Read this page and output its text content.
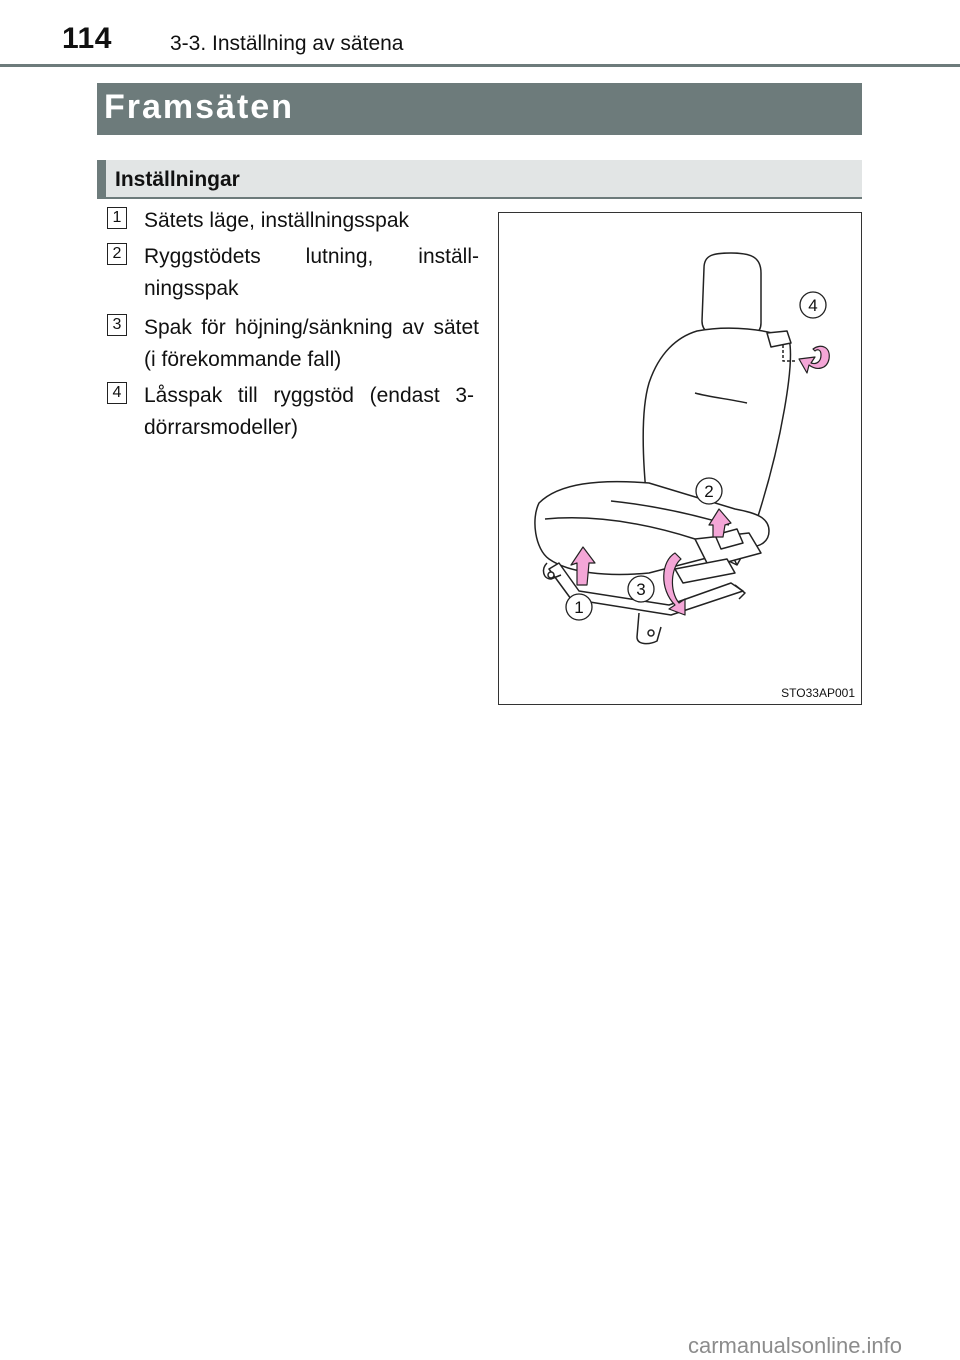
114	3-3. Inställning av sätena
Framsäten
Inställningar
1 Sätets läge, inställningsspak
2 Ryggstödets lutning, inställ-ningsspak
3 Spak för höjning/sänkning av sätet (i förekommande fall)
4 Låsspak till ryggstöd (endast 3-dörrarsmodeller)
1
2
3
4
STO33AP001
carmanualsonline.info
